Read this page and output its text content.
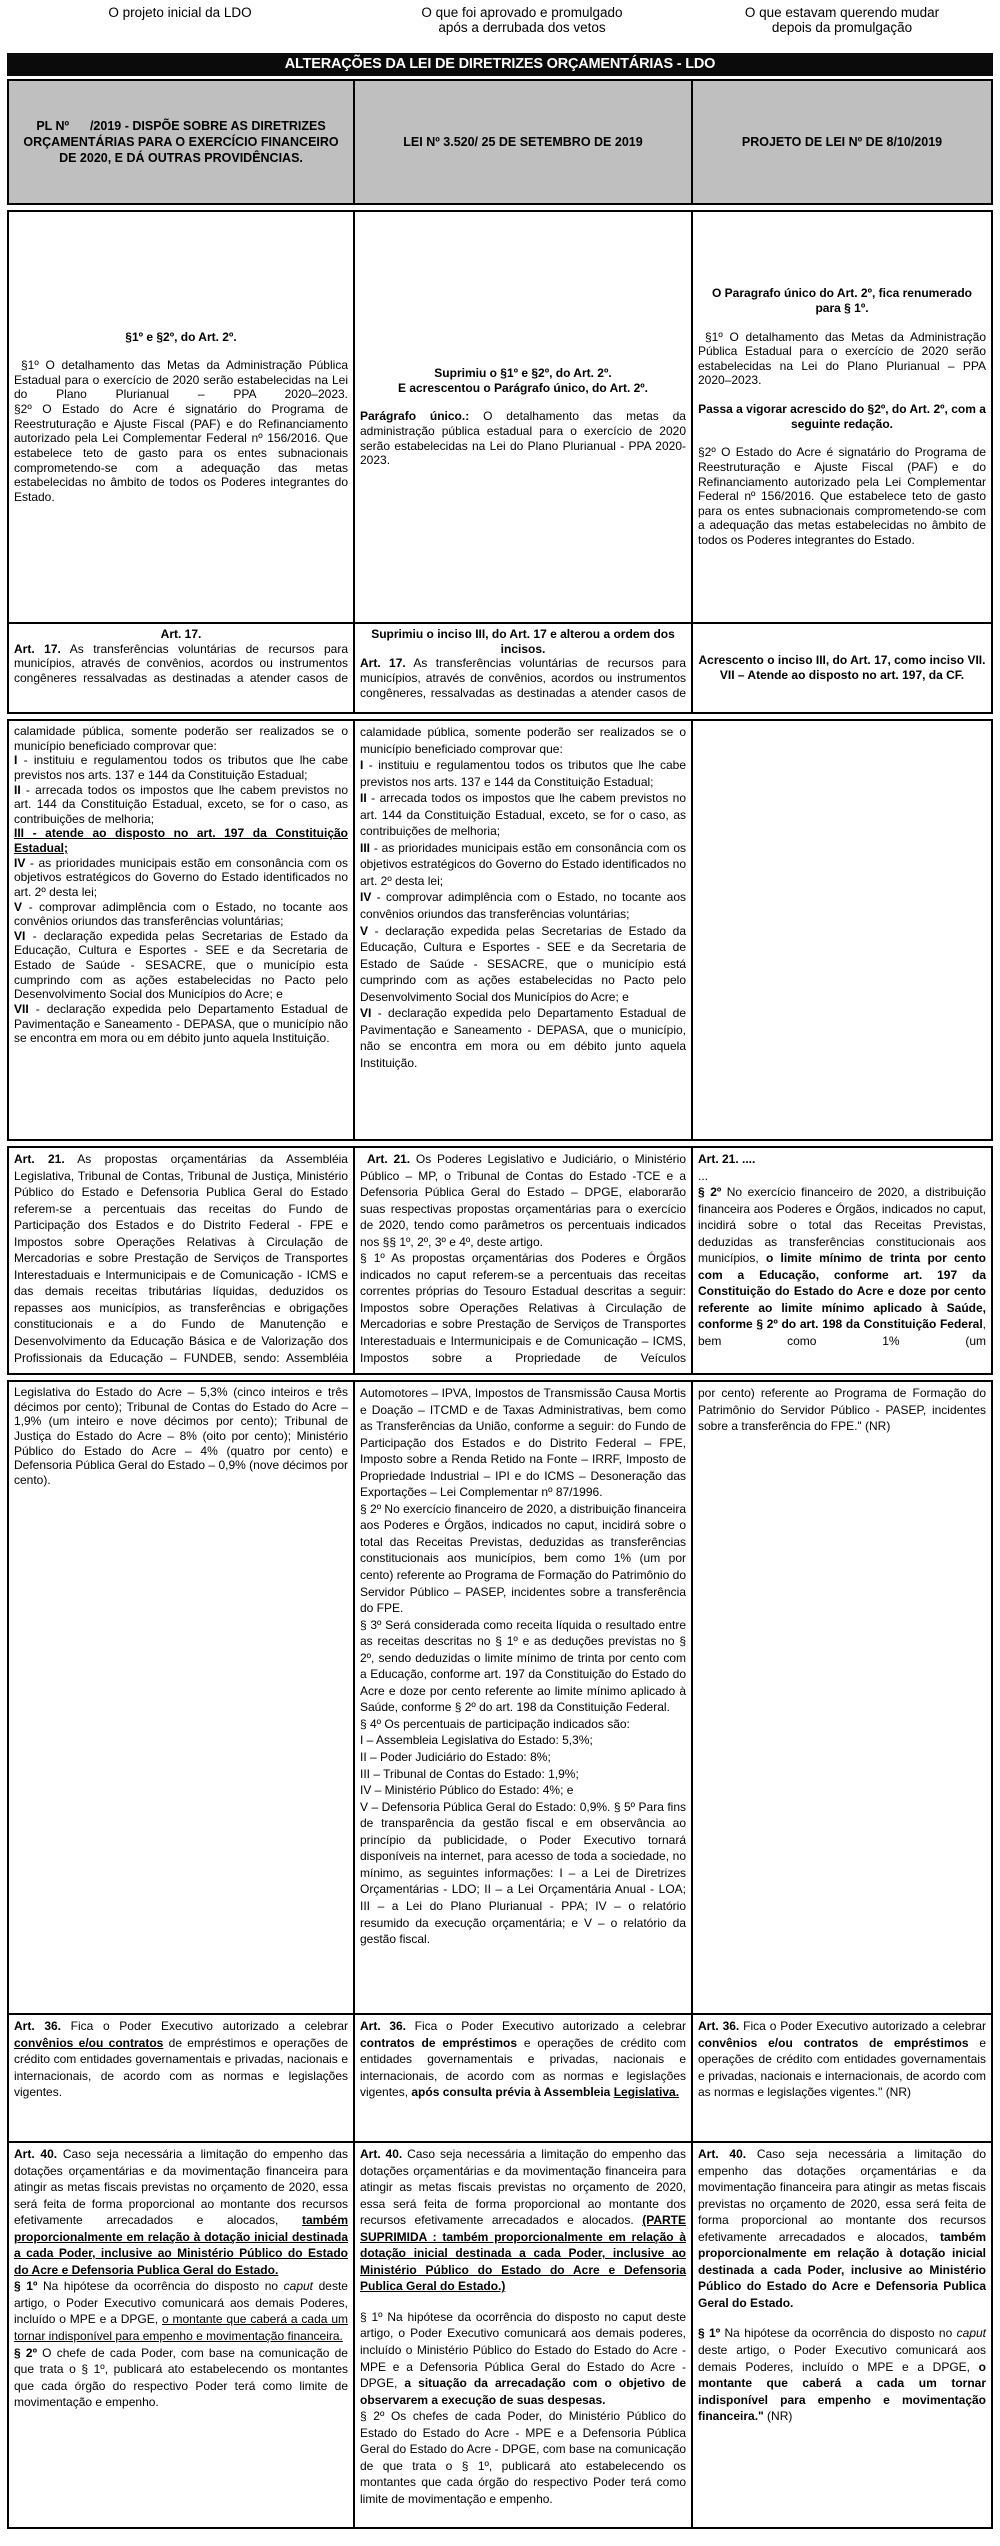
O projeto inicial da LDO	O que foi aprovado e promulgado
após a derrubada dos vetos
O que estavam querendo mudar
depois da promulgação
ALTERAÇÕES DA LEI DE DIRETRIZES ORÇAMENTÁRIAS - LDO
PL Nº      /2019 - DISPÕE SOBRE AS DIRETRIZES ORÇAMENTÁRIAS PARA O EXERCÍCIO FINANCEIRO DE 2020, E DÁ OUTRAS PROVIDÊNCIAS.
LEI Nº 3.520/ 25 DE SETEMBRO DE 2019	PROJETO DE LEI Nº DE 8/10/2019
§1º e §2º, do Art. 2º.
§1º O detalhamento das Metas da Administração Pública Estadual para o exercício de 2020 serão estabelecidas na Lei do Plano Plurianual – PPA 2020–2023.
§2º O Estado do Acre é signatário do Programa de Reestruturação e Ajuste Fiscal (PAF) e do Refinanciamento autorizado pela Lei Complementar Federal nº 156/2016. Que estabelece teto de gasto para os entes subnacionais comprometendo-se com a adequação das metas estabelecidas no âmbito de todos os Poderes integrantes do Estado.
Suprimiu o §1º e §2º, do Art. 2º.
E acrescentou o Parágrafo único, do Art. 2º.
Parágrafo único.: O detalhamento das metas da administração pública estadual para o exercício de 2020 serão estabelecidas na Lei do Plano Plurianual - PPA 2020-2023.
O Paragrafo único do Art. 2º, fica renumerado para § 1º.
§1º O detalhamento das Metas da Administração Pública Estadual para o exercício de 2020 serão estabelecidas na Lei do Plano Plurianual – PPA 2020–2023.
Passa a vigorar acrescido do §2º, do Art. 2º, com a seguinte redação.
§2º O Estado do Acre é signatário do Programa de Reestruturação e Ajuste Fiscal (PAF) e do Refinanciamento autorizado pela Lei Complementar Federal nº 156/2016. Que estabelece teto de gasto para os entes subnacionais comprometendo-se com a adequação das metas estabelecidas no âmbito de todos os Poderes integrantes do Estado.
Art. 17.
Art. 17. As transferências voluntárias de recursos para municípios, através de convênios, acordos ou instrumentos congêneres ressalvadas as destinadas a atender casos de
Suprimiu o inciso III, do Art. 17 e alterou a ordem dos incisos.
Art. 17. As transferências voluntárias de recursos para municípios, através de convênios, acordos ou instrumentos congêneres, ressalvadas as destinadas a atender casos de
Acrescento o inciso III, do Art. 17, como inciso VII.
VII – Atende ao disposto no art. 197, da CF.
calamidade pública, somente poderão ser realizados se o município beneficiado comprovar que:
I - instituiu e regulamentou todos os tributos que lhe cabe previstos nos arts. 137 e 144 da Constituição Estadual;
II - arrecada todos os impostos que lhe cabem previstos no art. 144 da Constituição Estadual, exceto, se for o caso, as contribuições de melhoria;
III - atende ao disposto no art. 197 da Constituição Estadual;
IV - as prioridades municipais estão em consonância com os objetivos estratégicos do Governo do Estado identificados no art. 2º desta lei;
V - comprovar adimplência com o Estado, no tocante aos convênios oriundos das transferências voluntárias;
VI - declaração expedida pelas Secretarias de Estado da Educação, Cultura e Esportes - SEE e da Secretaria de Estado de Saúde - SESACRE, que o município esta cumprindo com as ações estabelecidas no Pacto pelo Desenvolvimento Social dos Municípios do Acre; e
VII - declaração expedida pelo Departamento Estadual de Pavimentação e Saneamento - DEPASA, que o município não se encontra em mora ou em débito junto aquela Instituição.
calamidade pública, somente poderão ser realizados se o município beneficiado comprovar que:
I - instituiu e regulamentou todos os tributos que lhe cabe previstos nos arts. 137 e 144 da Constituição Estadual;
II - arrecada todos os impostos que lhe cabem previstos no art. 144 da Constituição Estadual, exceto, se for o caso, as contribuições de melhoria;
III - as prioridades municipais estão em consonância com os objetivos estratégicos do Governo do Estado identificados no art. 2º desta lei;
IV - comprovar adimplência com o Estado, no tocante aos convênios oriundos das transferências voluntárias;
V - declaração expedida pelas Secretarias de Estado da Educação, Cultura e Esportes - SEE e da Secretaria de Estado de Saúde - SESACRE, que o município está cumprindo com as ações estabelecidas no Pacto pelo Desenvolvimento Social dos Municípios do Acre; e
VI - declaração expedida pelo Departamento Estadual de Pavimentação e Saneamento - DEPASA, que o município, não se encontra em mora ou em débito junto aquela Instituição.
Art. 21. As propostas orçamentárias da Assembléia Legislativa, Tribunal de Contas, Tribunal de Justiça, Ministério Público do Estado e Defensoria Publica Geral do Estado referem-se a percentuais das receitas do Fundo de Participação dos Estados e do Distrito Federal - FPE e Impostos sobre Operações Relativas à Circulação de Mercadorias e sobre Prestação de Serviços de Transportes Interestaduais e Intermunicipais e de Comunicação - ICMS e das demais receitas tributárias líquidas, deduzidos os repasses aos municípios, as transferências e obrigações constitucionais e a do Fundo de Manutenção e Desenvolvimento da Educação Básica e de Valorização dos Profissionais da Educação – FUNDEB, sendo: Assembléia
Art. 21. Os Poderes Legislativo e Judiciário, o Ministério Público – MP, o Tribunal de Contas do Estado -TCE e a Defensoria Pública Geral do Estado – DPGE, elaborarão suas respectivas propostas orçamentárias para o exercício de 2020, tendo como parâmetros os percentuais indicados nos §§ 1º, 2º, 3º e 4º, deste artigo.
§ 1º As propostas orçamentárias dos Poderes e Órgãos indicados no caput referem-se a percentuais das receitas correntes próprias do Tesouro Estadual descritas a seguir: Impostos sobre Operações Relativas à Circulação de Mercadorias e sobre Prestação de Serviços de Transportes Interestaduais e Intermunicipais e de Comunicação – ICMS, Impostos sobre a Propriedade de Veículos
Art. 21. ....
...
§ 2º No exercício financeiro de 2020, a distribuição financeira aos Poderes e Órgãos, indicados no caput, incidirá sobre o total das Receitas Previstas, deduzidas as transferências constitucionais aos municípios, o limite mínimo de trinta por cento com a Educação, conforme art. 197 da Constituição do Estado do Acre e doze por cento referente ao limite mínimo aplicado à Saúde, conforme § 2º do art. 198 da Constituição Federal, bem como 1% (um
Legislativa do Estado do Acre – 5,3% (cinco inteiros e três décimos por cento); Tribunal de Contas do Estado do Acre – 1,9% (um inteiro e nove décimos por cento); Tribunal de Justiça do Estado do Acre – 8% (oito por cento); Ministério Público do Estado do Acre – 4% (quatro por cento) e Defensoria Pública Geral do Estado – 0,9% (nove décimos por cento).
Automotores – IPVA, Impostos de Transmissão Causa Mortis e Doação – ITCMD e de Taxas Administrativas, bem como as Transferências da União, conforme a seguir: do Fundo de Participação dos Estados e do Distrito Federal – FPE, Imposto sobre a Renda Retido na Fonte – IRRF, Imposto de Propriedade Industrial – IPI e do ICMS – Desoneração das Exportações – Lei Complementar nº 87/1996.
§ 2º No exercício financeiro de 2020, a distribuição financeira aos Poderes e Órgãos, indicados no caput, incidirá sobre o total das Receitas Previstas, deduzidas as transferências constitucionais aos municípios, bem como 1% (um por cento) referente ao Programa de Formação do Patrimônio do Servidor Público – PASEP, incidentes sobre a transferência do FPE.
§ 3º Será considerada como receita líquida o resultado entre as receitas descritas no § 1º e as deduções previstas no § 2º, sendo deduzidas o limite mínimo de trinta por cento com a Educação, conforme art. 197 da Constituição do Estado do Acre e doze por cento referente ao limite mínimo aplicado à Saúde, conforme § 2º do art. 198 da Constituição Federal.
§ 4º Os percentuais de participação indicados são:
I – Assembleia Legislativa do Estado: 5,3%;
II – Poder Judiciário do Estado: 8%;
III – Tribunal de Contas do Estado: 1,9%;
IV – Ministério Público do Estado: 4%; e
V – Defensoria Pública Geral do Estado: 0,9%. § 5º Para fins de transparência da gestão fiscal e em observância ao princípio da publicidade, o Poder Executivo tornará disponíveis na internet, para acesso de toda a sociedade, no mínimo, as seguintes informações: I – a Lei de Diretrizes Orçamentárias - LDO; II – a Lei Orçamentária Anual - LOA; III – a Lei do Plano Plurianual - PPA; IV – o relatório resumido da execução orçamentária; e V – o relatório da gestão fiscal.
por cento) referente ao Programa de Formação do Patrimônio do Servidor Público - PASEP, incidentes sobre a transferência do FPE." (NR)
Art. 36. Fica o Poder Executivo autorizado a celebrar convênios e/ou contratos de empréstimos e operações de crédito com entidades governamentais e privadas, nacionais e internacionais, de acordo com as normas e legislações vigentes.
Art. 36. Fica o Poder Executivo autorizado a celebrar contratos de empréstimos e operações de crédito com entidades governamentais e privadas, nacionais e internacionais, de acordo com as normas e legislações vigentes, após consulta prévia à Assembleia Legislativa.
Art. 36. Fica o Poder Executivo autorizado a celebrar convênios e/ou contratos de empréstimos e operações de crédito com entidades governamentais e privadas, nacionais e internacionais, de acordo com as normas e legislações vigentes." (NR)
Art. 40. Caso seja necessária a limitação do empenho das dotações orçamentárias e da movimentação financeira para atingir as metas fiscais previstas no orçamento de 2020, essa será feita de forma proporcional ao montante dos recursos efetivamente arrecadados e alocados, também proporcionalmente em relação à dotação inicial destinada a cada Poder, inclusive ao Ministério Público do Estado do Acre e Defensoria Publica Geral do Estado.
§ 1º Na hipótese da ocorrência do disposto no caput deste artigo, o Poder Executivo comunicará aos demais Poderes, incluído o MPE e a DPGE, o montante que caberá a cada um tornar indisponível para empenho e movimentação financeira.
§ 2º O chefe de cada Poder, com base na comunicação de que trata o § 1º, publicará ato estabelecendo os montantes que cada órgão do respectivo Poder terá como limite de movimentação e empenho.
Art. 40. Caso seja necessária a limitação do empenho das dotações orçamentárias e da movimentação financeira para atingir as metas fiscais previstas no orçamento de 2020, essa será feita de forma proporcional ao montante dos recursos efetivamente arrecadados e alocados. (PARTE SUPRIMIDA : também proporcionalmente em relação à dotação inicial destinada a cada Poder, inclusive ao Ministério Público do Estado do Acre e Defensoria Publica Geral do Estado.)
§ 1º Na hipótese da ocorrência do disposto no caput deste artigo, o Poder Executivo comunicará aos demais poderes, incluído o Ministério Público do Estado do Estado do Acre - MPE e a Defensoria Pública Geral do Estado do Acre - DPGE, a situação da arrecadação com o objetivo de observarem a execução de suas despesas.
§ 2º Os chefes de cada Poder, do Ministério Público do Estado do Estado do Acre - MPE e a Defensoria Pública Geral do Estado do Acre - DPGE, com base na comunicação de que trata o § 1º, publicará ato estabelecendo os montantes que cada órgão do respectivo Poder terá como limite de movimentação e empenho.
Art. 40. Caso seja necessária a limitação do empenho das dotações orçamentárias e da movimentação financeira para atingir as metas fiscais previstas no orçamento de 2020, essa será feita de forma proporcional ao montante dos recursos efetivamente arrecadados e alocados, também proporcionalmente em relação à dotação inicial destinada a cada Poder, inclusive ao Ministério Público do Estado do Acre e Defensoria Publica Geral do Estado.
§ 1º Na hipótese da ocorrência do disposto no caput deste artigo, o Poder Executivo comunicará aos demais Poderes, incluído o MPE e a DPGE, o montante que caberá a cada um tornar indisponível para empenho e movimentação financeira." (NR)
